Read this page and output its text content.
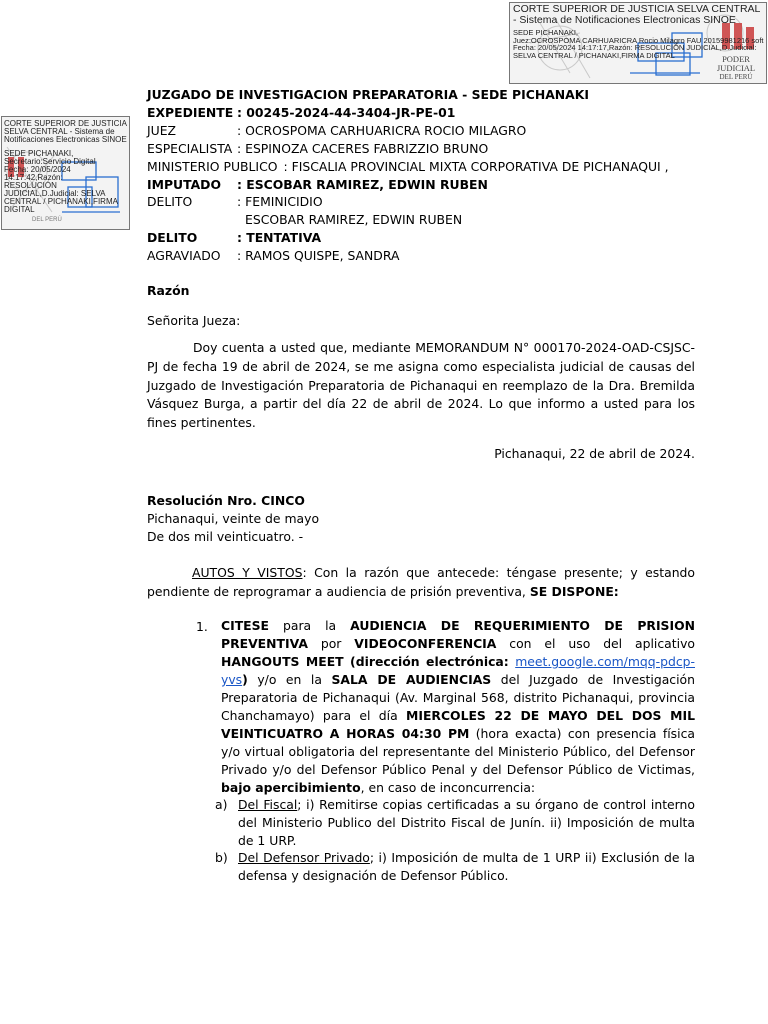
CORTE SUPERIOR DE JUSTICIA SELVA CENTRAL
- Sistema de Notificaciones Electronicas SINOE
SEDE PICHANAKI,
Juez:OCROSPOMA CARHUARICRA Rocio Milagro FAU 20159981216 soft
Fecha: 20/05/2024 14:17:17,Razón: RESOLUCIÓN JUDICIAL,D.Judicial:
SELVA CENTRAL / PICHANAKI,FIRMA DIGITAL	PODER JUDICIAL
DEL PERÚ
CORTE SUPERIOR DE JUSTICIA
SELVA CENTRAL - Sistema de
Notificaciones Electronicas SINOE
SEDE PICHANAKI,
Secretario:Servicio Digital
Fecha: 20/05/2024 14:17:42,Razón:
RESOLUCIÓN
JUDICIAL,D.Judicial: SELVA
CENTRAL / PICHANAKI,FIRMA
DIGITAL
DEL PERÚ
JUZGADO DE INVESTIGACION PREPARATORIA - SEDE PICHANAKI
EXPEDIENTE : 00245-2024-44-3404-JR-PE-01
JUEZ	: OCROSPOMA CARHUARICRA ROCIO MILAGRO
ESPECIALISTA : ESPINOZA CACERES FABRIZZIO BRUNO
MINISTERIO PUBLICO : FISCALIA PROVINCIAL MIXTA CORPORATIVA DE PICHANAQUI ,
IMPUTADO : ESCOBAR RAMIREZ, EDWIN RUBEN
DELITO	: FEMINICIDIO
ESCOBAR RAMIREZ, EDWIN RUBEN
DELITO	: TENTATIVA
AGRAVIADO : RAMOS QUISPE, SANDRA
Razón
Señorita Jueza:
Doy cuenta a usted que, mediante MEMORANDUM N° 000170-2024-OAD-CSJSC-PJ de fecha 19 de abril de 2024, se me asigna como especialista judicial de causas del Juzgado de Investigación Preparatoria de Pichanaqui en reemplazo de la Dra. Bremilda Vásquez Burga, a partir del día 22 de abril de 2024. Lo que informo a usted para los fines pertinentes.
Pichanaqui, 22 de abril de 2024.
Resolución Nro. CINCO
Pichanaqui, veinte de mayo
De dos mil veinticuatro. -
AUTOS Y VISTOS: Con la razón que antecede: téngase presente; y estando pendiente de reprogramar a audiencia de prisión preventiva, SE DISPONE:
1. CITESE para la AUDIENCIA DE REQUERIMIENTO DE PRISION PREVENTIVA por VIDEOCONFERENCIA con el uso del aplicativo HANGOUTS MEET (dirección electrónica: meet.google.com/mqq-pdcp-yvs) y/o en la SALA DE AUDIENCIAS del Juzgado de Investigación Preparatoria de Pichanaqui (Av. Marginal 568, distrito Pichanaqui, provincia Chanchamayo) para el día MIERCOLES 22 DE MAYO DEL DOS MIL VEINTICUATRO A HORAS 04:30 PM (hora exacta) con presencia física y/o virtual obligatoria del representante del Ministerio Público, del Defensor Privado y/o del Defensor Público Penal y del Defensor Público de Victimas, bajo apercibimiento, en caso de inconcurrencia:
a) Del Fiscal; i) Remitirse copias certificadas a su órgano de control interno del Ministerio Publico del Distrito Fiscal de Junín. ii) Imposición de multa de 1 URP.
b) Del Defensor Privado; i) Imposición de multa de 1 URP ii) Exclusión de la defensa y designación de Defensor Público.
